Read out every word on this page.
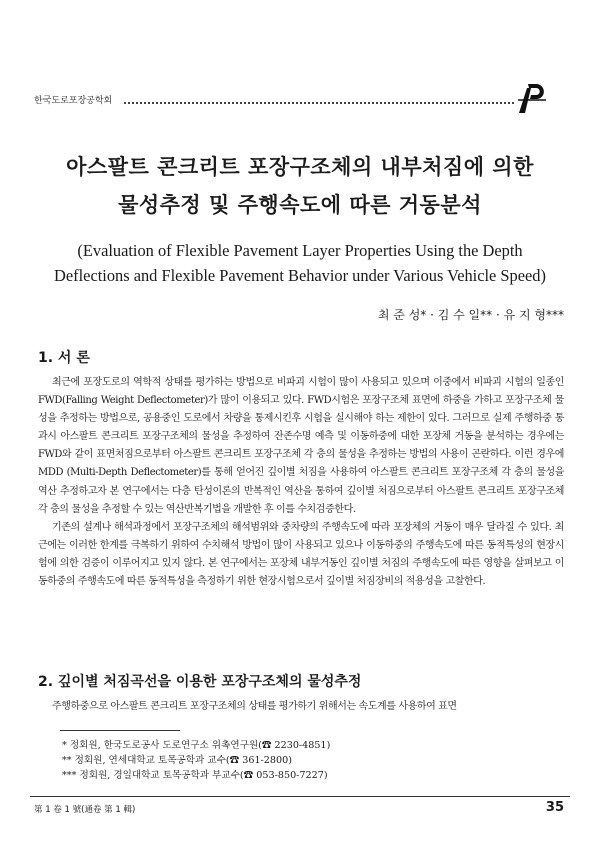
한국도로포장공학회
아스팔트 콘크리트 포장구조체의 내부처짐에 의한
물성추정 및 주행속도에 따른 거동분석
(Evaluation of Flexible Pavement Layer Properties Using the Depth
Deflections and Flexible Pavement Behavior under Various Vehicle Speed)
최 준 성* · 김 수 일** · 유 지 형***
1. 서 론

최근에 포장도로의 역학적 상태를 평가하는 방법으로 비파괴 시험이 많이 사용되고 있으며 이중에서 비파괴 시험의 일종인 FWD(Falling Weight Deflectometer)가 많이 이용되고 있다. FWD시험은 포장구조체 표면에 하중을 가하고 포장구조체 물성을 추정하는 방법으로, 공용중인 도로에서 차량을 통제시킨후 시험을 실시해야 하는 제한이 있다. 그러므로 실제 주행하중 통과시 아스팔트 콘크리트 포장구조체의 물성을 추정하여 잔존수명 예측 및 이동하중에 대한 포장체 거동을 분석하는 경우에는 FWD와 같이 표면처짐으로부터 아스팔트 콘크리트 포장구조체 각 층의 물성을 추정하는 방법의 사용이 곤란하다. 이런 경우에 MDD (Multi-Depth Deflectometer)를 통해 얻어진 깊이별 처짐을 사용하여 아스팔트 콘크리트 포장구조체 각 층의 물성을 역산 추정하고자 본 연구에서는 다층 탄성이론의 반복적인 역산을 통하여 깊이별 처짐으로부터 아스팔트 콘크리트 포장구조체 각 층의 물성을 추정할 수 있는 역산반복기법을 개발한 후 이를 수치검증한다.

기존의 설계나 해석과정에서 포장구조체의 해석범위와 중차량의 주행속도에 따라 포장체의 거동이 매우 달라질 수 있다. 최근에는 이러한 한계를 극복하기 위하여 수치해석 방법이 많이 사용되고 있으나 이동하중의 주행속도에 따른 동적특성의 현장시험에 의한 검증이 이루어지고 있지 않다. 본 연구에서는 포장체 내부거동인 깊이별 처짐의 주행속도에 따른 영향을 살펴보고 이동하중의 주행속도에 따른 동적특성을 측정하기 위한 현장시험으로서 깊이별 처짐장비의 적용성을 고찰한다.

2. 깊이별 처짐곡선을 이용한 포장구조체의 물성추정

주행하중으로 아스팔트 콘크리트 포장구조체의 상태를 평가하기 위해서는 속도계를 사용하여 표면

* 정회원, 한국도로공사 도로연구소 위촉연구원(☎ 2230-4851)
** 정회원, 연세대학교 토목공학과 교수(☎ 361-2800)
*** 정회원, 경일대학교 토목공학과 부교수(☎ 053-850-7227)
第 1 卷 1 號(通卷 第 1 輯)	35
